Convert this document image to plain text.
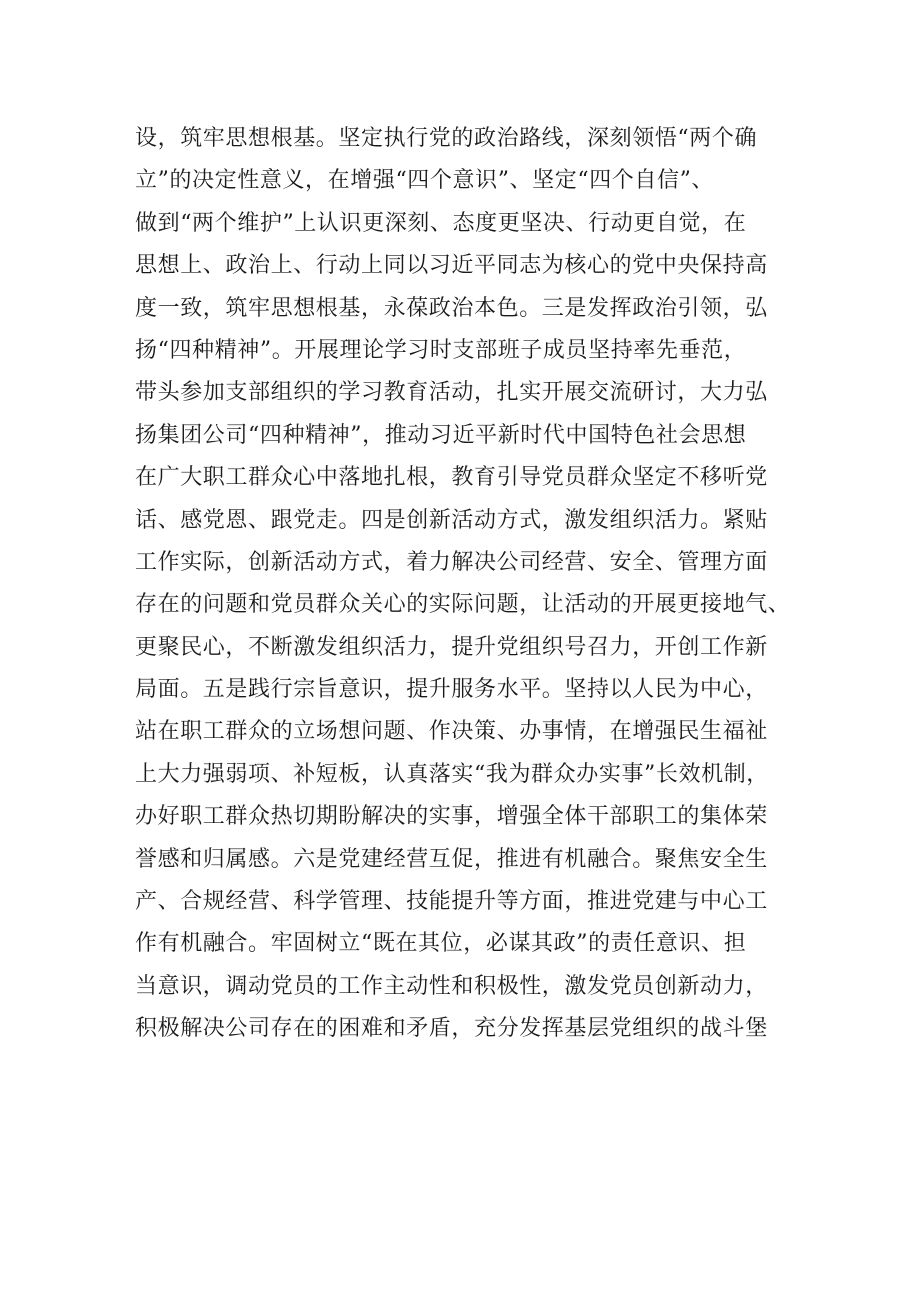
设，筑牢思想根基。坚定执行党的政治路线，深刻领悟“两个确
立”的决定性意义，在增强“四个意识”、坚定“四个自信”、
做到“两个维护”上认识更深刻、态度更坚决、行动更自觉，在
思想上、政治上、行动上同以习近平同志为核心的党中央保持高
度一致，筑牢思想根基，永葆政治本色。三是发挥政治引领，弘
扬“四种精神”。开展理论学习时支部班子成员坚持率先垂范，
带头参加支部组织的学习教育活动，扎实开展交流研讨，大力弘
扬集团公司“四种精神”，推动习近平新时代中国特色社会思想
在广大职工群众心中落地扎根，教育引导党员群众坚定不移听党
话、感党恩、跟党走。四是创新活动方式，激发组织活力。紧贴
工作实际，创新活动方式，着力解决公司经营、安全、管理方面
存在的问题和党员群众关心的实际问题，让活动的开展更接地气、
更聚民心，不断激发组织活力，提升党组织号召力，开创工作新
局面。五是践行宗旨意识，提升服务水平。坚持以人民为中心，
站在职工群众的立场想问题、作决策、办事情，在增强民生福祉
上大力强弱项、补短板，认真落实“我为群众办实事”长效机制，
办好职工群众热切期盼解决的实事，增强全体干部职工的集体荣
誉感和归属感。六是党建经营互促，推进有机融合。聚焦安全生
产、合规经营、科学管理、技能提升等方面，推进党建与中心工
作有机融合。牢固树立“既在其位，必谋其政”的责任意识、担
当意识，调动党员的工作主动性和积极性，激发党员创新动力，
积极解决公司存在的困难和矛盾，充分发挥基层党组织的战斗堡
